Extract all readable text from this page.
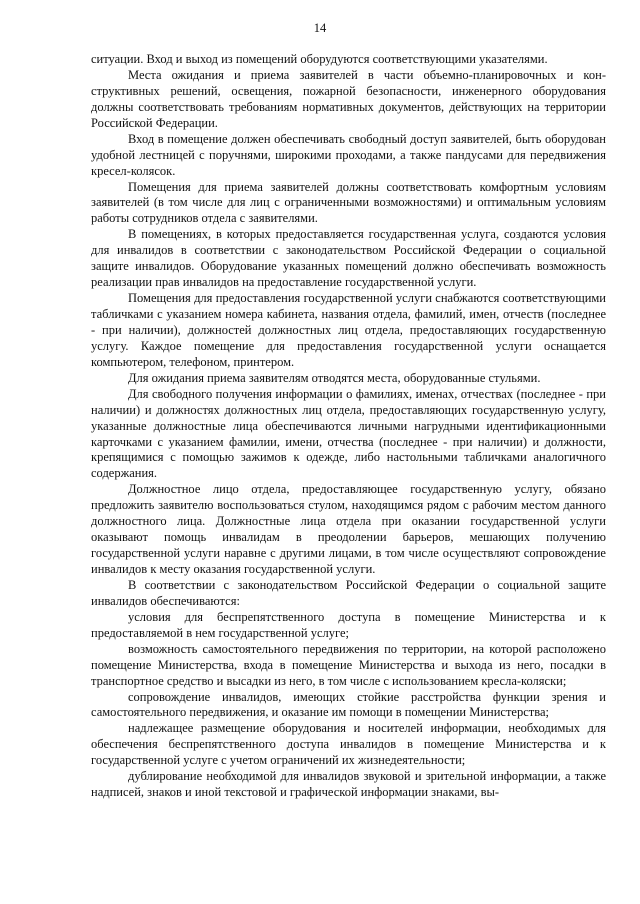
14

ситуации. Вход и выход из помещений оборудуются соответствующими указателями.

Места ожидания и приема заявителей в части объемно-планировочных и конструктивных решений, освещения, пожарной безопасности, инженерного оборудования должны соответствовать требованиям нормативных документов, действующих на территории Российской Федерации.

Вход в помещение должен обеспечивать свободный доступ заявителей, быть оборудован удобной лестницей с поручнями, широкими проходами, а также пандусами для передвижения кресел-колясок.

Помещения для приема заявителей должны соответствовать комфортным условиям заявителей (в том числе для лиц с ограниченными возможностями) и оптимальным условиям работы сотрудников отдела с заявителями.

В помещениях, в которых предоставляется государственная услуга, создаются условия для инвалидов в соответствии с законодательством Российской Федерации о социальной защите инвалидов. Оборудование указанных помещений должно обеспечивать возможность реализации прав инвалидов на предоставление государственной услуги.

Помещения для предоставления государственной услуги снабжаются соответствующими табличками с указанием номера кабинета, названия отдела, фамилий, имен, отчеств (последнее - при наличии), должностей должностных лиц отдела, предоставляющих государственную услугу. Каждое помещение для предоставления государственной услуги оснащается компьютером, телефоном, принтером.

Для ожидания приема заявителям отводятся места, оборудованные стульями.

Для свободного получения информации о фамилиях, именах, отчествах (последнее - при наличии) и должностях должностных лиц отдела, предоставляющих государственную услугу, указанные должностные лица обеспечиваются личными нагрудными идентификационными карточками с указанием фамилии, имени, отчества (последнее - при наличии) и должности, крепящимися с помощью зажимов к одежде, либо настольными табличками аналогичного содержания.

Должностное лицо отдела, предоставляющее государственную услугу, обязано предложить заявителю воспользоваться стулом, находящимся рядом с рабочим местом данного должностного лица. Должностные лица отдела при оказании государственной услуги оказывают помощь инвалидам в преодолении барьеров, мешающих получению государственной услуги наравне с другими лицами, в том числе осуществляют сопровождение инвалидов к месту оказания государственной услуги.

В соответствии с законодательством Российской Федерации о социальной защите инвалидов обеспечиваются:

условия для беспрепятственного доступа в помещение Министерства и к предоставляемой в нем государственной услуге;

возможность самостоятельного передвижения по территории, на которой расположено помещение Министерства, входа в помещение Министерства и выхода из него, посадки в транспортное средство и высадки из него, в том числе с использованием кресла-коляски;

сопровождение инвалидов, имеющих стойкие расстройства функции зрения и самостоятельного передвижения, и оказание им помощи в помещении Министерства;

надлежащее размещение оборудования и носителей информации, необходимых для обеспечения беспрепятственного доступа инвалидов в помещение Министерства и к государственной услуге с учетом ограничений их жизнедеятельности;

дублирование необходимой для инвалидов звуковой и зрительной информации, а также надписей, знаков и иной текстовой и графической информации знаками, вы-
